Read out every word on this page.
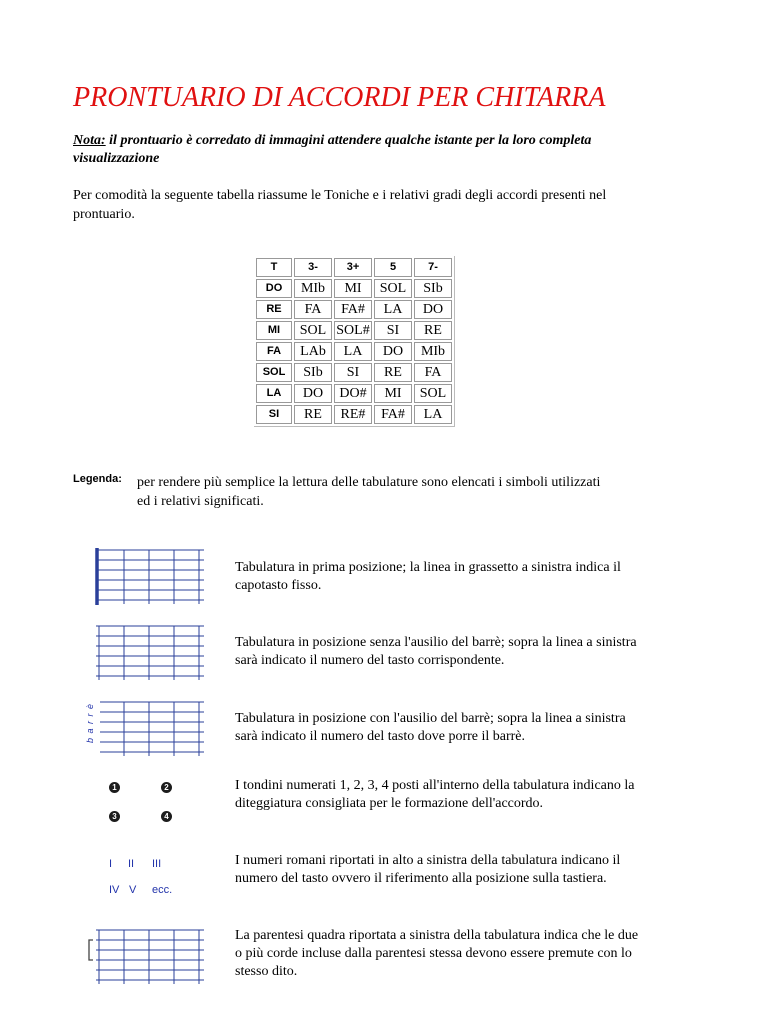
PRONTUARIO DI ACCORDI PER CHITARRA
Nota: il prontuario è corredato di immagini attendere qualche istante per la loro completa visualizzazione
Per comodità la seguente tabella riassume le Toniche e i relativi gradi degli accordi presenti nel prontuario.
T	3-	3+	5	7-
DO	MIb	MI	SOL	SIb
RE	FA	FA#	LA	DO
MI	SOL	SOL#	SI	RE
FA	LAb	LA	DO	MIb
SOL	SIb	SI	RE	FA
LA	DO	DO#	MI	SOL
SI	RE	RE#	FA#	LA
Legenda: per rendere più semplice la lettura delle tabulature sono elencati i simboli utilizzati ed i relativi significati.
Tabulatura in prima posizione; la linea in grassetto a sinistra indica il capotasto fisso.
Tabulatura in posizione senza l'ausilio del barrè; sopra la linea a sinistra sarà indicato il numero del tasto corrispondente.
b a r r è	Tabulatura in posizione con l'ausilio del barrè; sopra la linea a sinistra sarà indicato il numero del tasto dove porre il barrè.
1	2
3	4
I tondini numerati 1, 2, 3, 4 posti all'interno della tabulatura indicano la diteggiatura consigliata per le formazione dell'accordo.
I II III
IV V ecc.
I numeri romani riportati in alto a sinistra della tabulatura indicano il numero del tasto ovvero il riferimento alla posizione sulla tastiera.
La parentesi quadra riportata a sinistra della tabulatura indica che le due o più corde incluse dalla parentesi stessa devono essere premute con lo stesso dito.
